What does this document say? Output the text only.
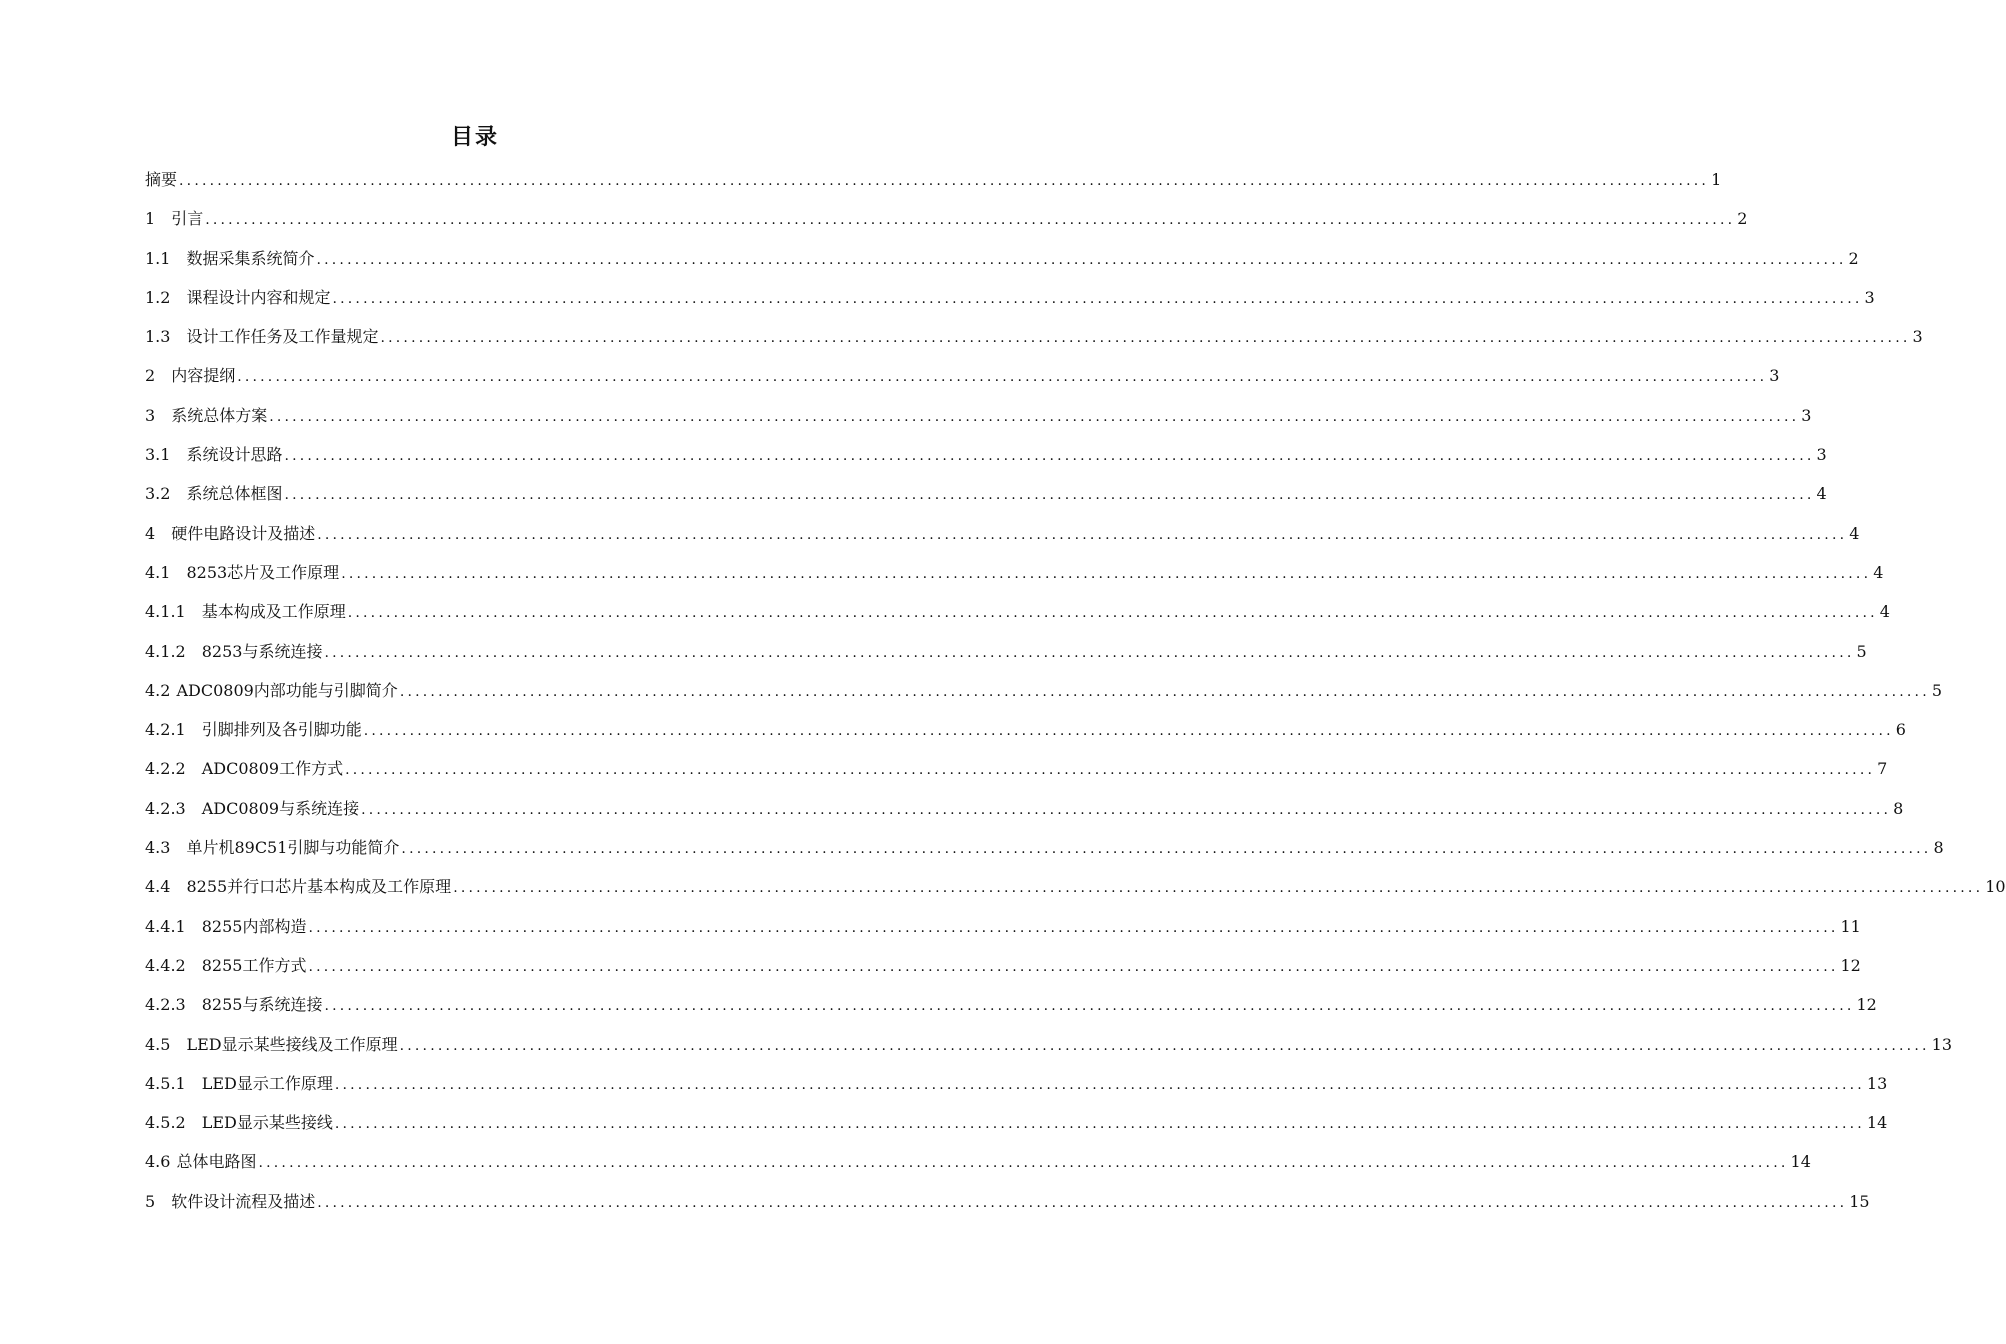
目录
摘要 ........................................................................................................................................................................................................ 1
1 引言 ........................................................................................................................................................................................................ 2
1.1 数据采集系统简介 ........................................................................................................................................................................................................ 2
1.2 课程设计内容和规定 ........................................................................................................................................................................................................ 3
1.3 设计工作任务及工作量规定 ........................................................................................................................................................................................................ 3
2 内容提纲 ........................................................................................................................................................................................................ 3
3 系统总体方案 ........................................................................................................................................................................................................ 3
3.1 系统设计思路 ........................................................................................................................................................................................................ 3
3.2 系统总体框图 ........................................................................................................................................................................................................ 4
4 硬件电路设计及描述 ........................................................................................................................................................................................................ 4
4.1 8253芯片及工作原理 ........................................................................................................................................................................................................ 4
4.1.1 基本构成及工作原理 ........................................................................................................................................................................................................ 4
4.1.2 8253与系统连接 ........................................................................................................................................................................................................ 5
4.2 ADC0809内部功能与引脚简介 ........................................................................................................................................................................................................ 5
4.2.1 引脚排列及各引脚功能 ........................................................................................................................................................................................................ 6
4.2.2 ADC0809工作方式 ........................................................................................................................................................................................................ 7
4.2.3 ADC0809与系统连接 ........................................................................................................................................................................................................ 8
4.3 单片机89C51引脚与功能简介 ........................................................................................................................................................................................................ 8
4.4 8255并行口芯片基本构成及工作原理 ........................................................................................................................................................................................................ 10
4.4.1 8255内部构造 ........................................................................................................................................................................................................ 11
4.4.2 8255工作方式 ........................................................................................................................................................................................................ 12
4.2.3 8255与系统连接 ........................................................................................................................................................................................................ 12
4.5 LED显示某些接线及工作原理 ........................................................................................................................................................................................................ 13
4.5.1 LED显示工作原理 ........................................................................................................................................................................................................ 13
4.5.2 LED显示某些接线 ........................................................................................................................................................................................................ 14
4.6 总体电路图 ........................................................................................................................................................................................................ 14
5 软件设计流程及描述 ........................................................................................................................................................................................................ 15
